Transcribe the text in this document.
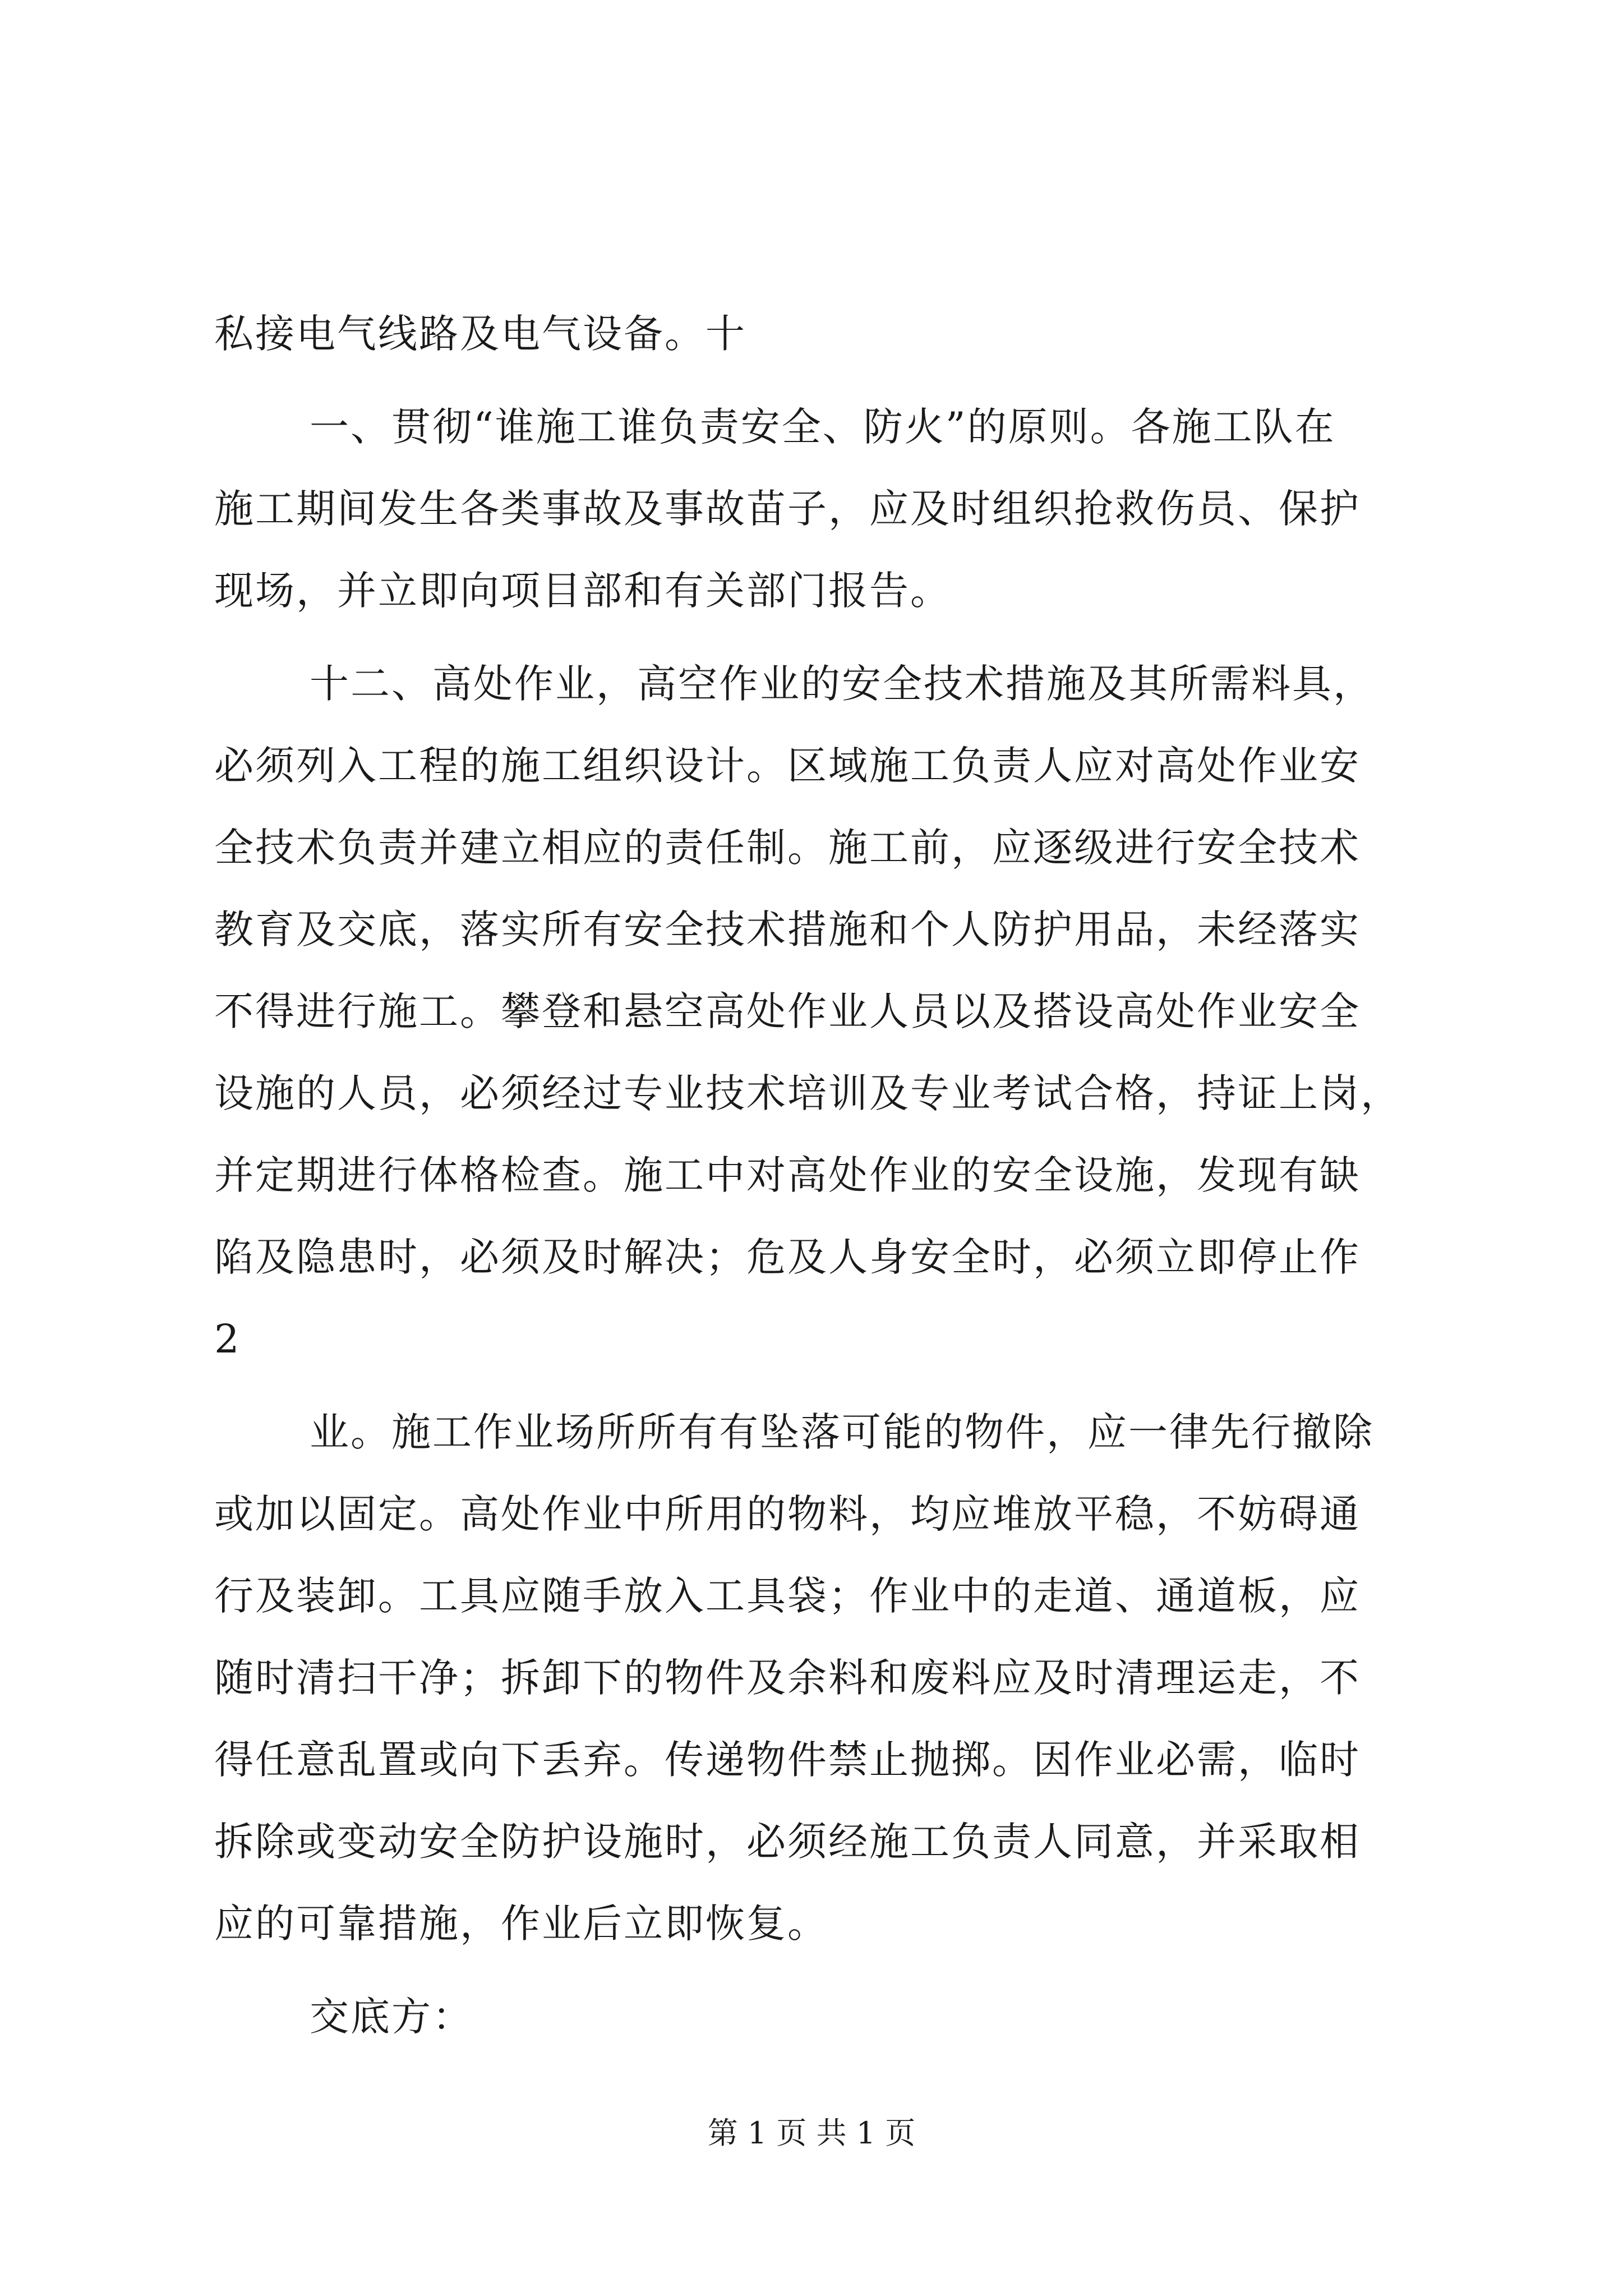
私接电气线路及电气设备。十
一、贯彻“谁施工谁负责安全、防火”的原则。各施工队在
施工期间发生各类事故及事故苗子，应及时组织抢救伤员、保护
现场，并立即向项目部和有关部门报告。
十二、高处作业，高空作业的安全技术措施及其所需料具，
必须列入工程的施工组织设计。区域施工负责人应对高处作业安
全技术负责并建立相应的责任制。施工前，应逐级进行安全技术
教育及交底，落实所有安全技术措施和个人防护用品，未经落实
不得进行施工。攀登和悬空高处作业人员以及搭设高处作业安全
设施的人员，必须经过专业技术培训及专业考试合格，持证上岗，
并定期进行体格检查。施工中对高处作业的安全设施，发现有缺
陷及隐患时，必须及时解决；危及人身安全时，必须立即停止作
2
业。施工作业场所所有有坠落可能的物件，应一律先行撤除
或加以固定。高处作业中所用的物料，均应堆放平稳，不妨碍通
行及装卸。工具应随手放入工具袋；作业中的走道、通道板，应
随时清扫干净；拆卸下的物件及余料和废料应及时清理运走，不
得任意乱置或向下丢弃。传递物件禁止抛掷。因作业必需，临时
拆除或变动安全防护设施时，必须经施工负责人同意，并采取相
应的可靠措施，作业后立即恢复。
交底方：
第 1 页 共 1 页
